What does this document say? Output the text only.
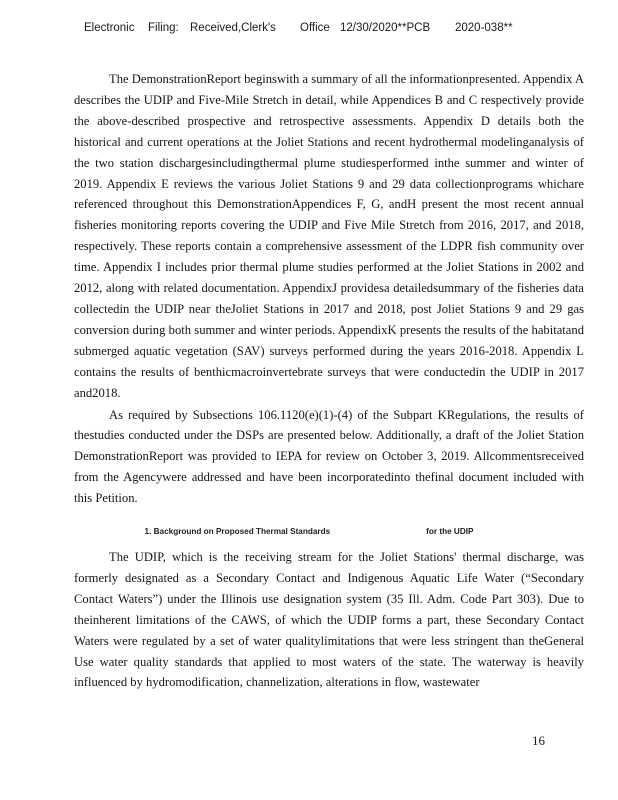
Electronic Filing: Received,Clerk's Office 12/30/2020**PCB 2020-038**

The DemonstrationReport beginswith a summary of all the informationpresented. Appendix A describes the UDIP and Five-Mile Stretch in detail, while Appendices B and C respectively provide the above-described prospective and retrospective assessments. Appendix D details both the historical and current operations at the Joliet Stations and recent hydrothermal modelinganalysis of the two station dischargesincludingthermal plume studiesperformed inthe summer and winter of 2019. Appendix E reviews the various Joliet Stations 9 and 29 data collectionprograms whichare referenced throughout this DemonstrationAppendices F, G, andH present the most recent annual fisheries monitoring reports covering the UDIP and Five Mile Stretch from 2016, 2017, and 2018, respectively. These reports contain a comprehensive assessment of the LDPR fish community over time. Appendix I includes prior thermal plume studies performed at the Joliet Stations in 2002 and 2012, along with related documentation. AppendixJ providesa detailedsummary of the fisheries data collectedin the UDIP near theJoliet Stations in 2017 and 2018, post Joliet Stations 9 and 29 gas conversion during both summer and winter periods. AppendixK presents the results of the habitatand submerged aquatic vegetation (SAV) surveys performed during the years 2016-2018. Appendix L contains the results of benthicmacroinvertebrate surveys that were conductedin the UDIP in 2017 and2018.

As required by Subsections 106.1120(e)(1)-(4) of the Subpart KRegulations, the results of thestudies conducted under the DSPs are presented below. Additionally, a draft of the Joliet Station DemonstrationReport was provided to IEPA for review on October 3, 2019. Allcommentsreceived from the Agencywere addressed and have been incorporatedinto thefinal document included with this Petition.

1. Background on Proposed Thermal Standards	for the UDIP

The UDIP, which is the receiving stream for the Joliet Stations' thermal discharge, was formerly designated as a Secondary Contact and Indigenous Aquatic Life Water (“Secondary Contact Waters”) under the Illinois use designation system (35 Ill. Adm. Code Part 303). Due to theinherent limitations of the CAWS, of which the UDIP forms a part, these Secondary Contact Waters were regulated by a set of water qualitylimitations that were less stringent than theGeneral Use water quality standards that applied to most waters of the state. The waterway is heavily influenced by hydromodification, channelization, alterations in flow, wastewater

16
